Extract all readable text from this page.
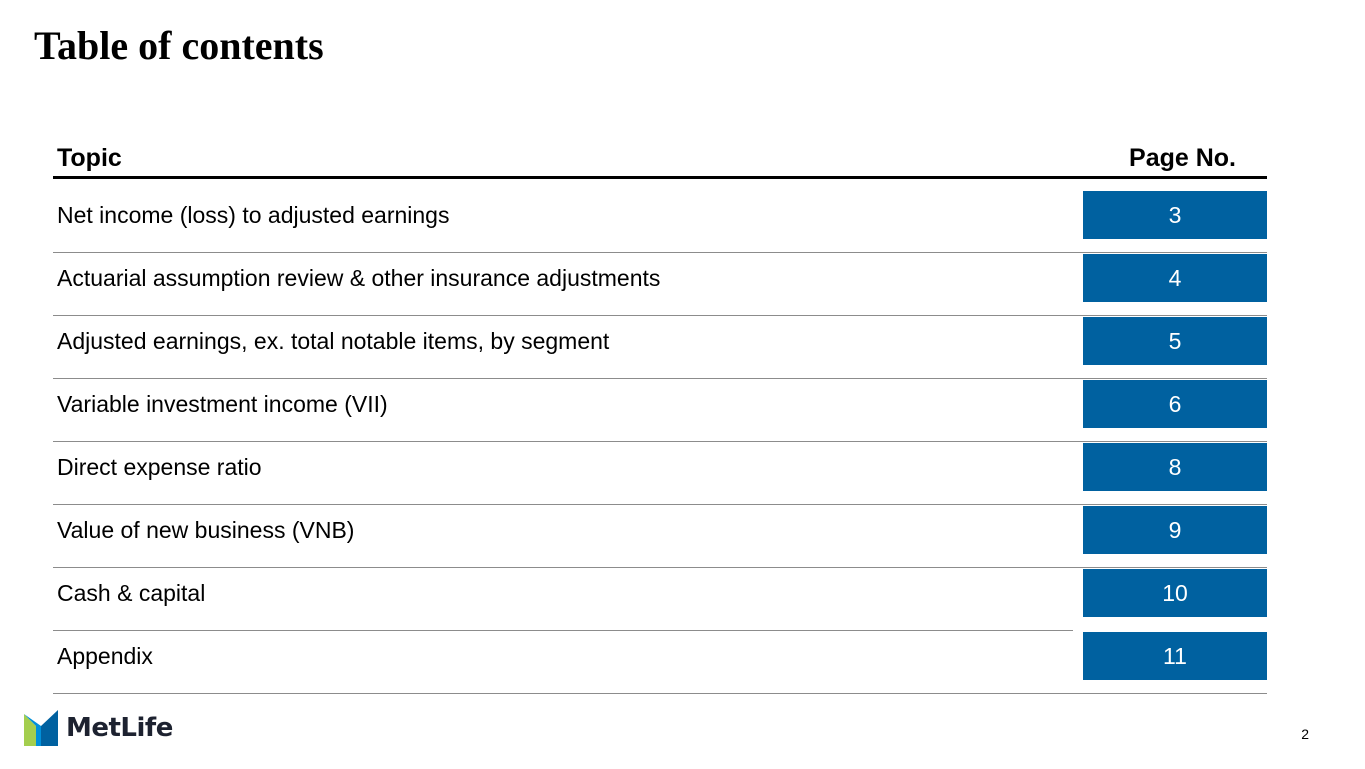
Table of contents
Topic	Page No.
Net income (loss) to adjusted earnings	3
Actuarial assumption review & other insurance adjustments	4
Adjusted earnings, ex. total notable items, by segment	5
Variable investment income (VII)	6
Direct expense ratio	8
Value of new business (VNB)	9
Cash & capital	10
Appendix	11
MetLife	2
